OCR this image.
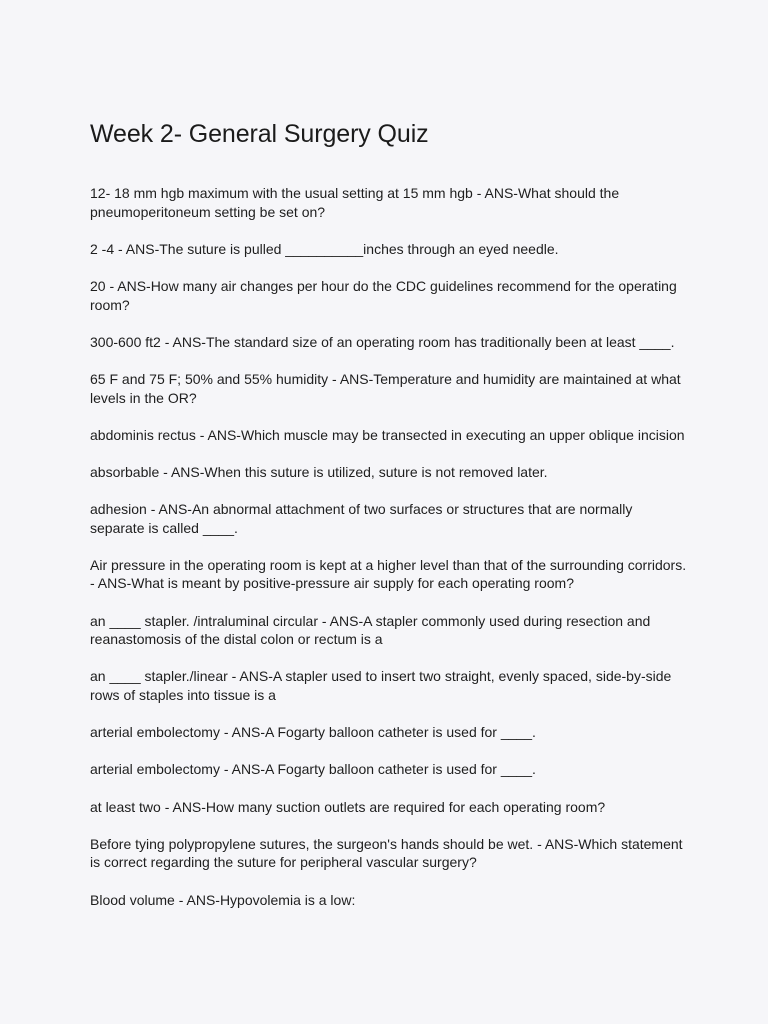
Week 2- General Surgery Quiz

12- 18 mm hgb maximum with the usual setting at 15 mm hgb - ANS-What should the pneumoperitoneum setting be set on?

2 -4 - ANS-The suture is pulled __________inches through an eyed needle.

20 - ANS-How many air changes per hour do the CDC guidelines recommend for the operating room?

300-600 ft2 - ANS-The standard size of an operating room has traditionally been at least ____.

65 F and 75 F; 50% and 55% humidity - ANS-Temperature and humidity are maintained at what levels in the OR?

abdominis rectus - ANS-Which muscle may be transected in executing an upper oblique incision

absorbable - ANS-When this suture is utilized, suture is not removed later.

adhesion - ANS-An abnormal attachment of two surfaces or structures that are normally separate is called ____.

Air pressure in the operating room is kept at a higher level than that of the surrounding corridors. - ANS-What is meant by positive-pressure air supply for each operating room?

an ____ stapler. /intraluminal circular - ANS-A stapler commonly used during resection and reanastomosis of the distal colon or rectum is a

an ____ stapler./linear - ANS-A stapler used to insert two straight, evenly spaced, side-by-side rows of staples into tissue is a

arterial embolectomy - ANS-A Fogarty balloon catheter is used for ____.

arterial embolectomy - ANS-A Fogarty balloon catheter is used for ____.

at least two - ANS-How many suction outlets are required for each operating room?

Before tying polypropylene sutures, the surgeon's hands should be wet. - ANS-Which statement is correct regarding the suture for peripheral vascular surgery?

Blood volume - ANS-Hypovolemia is a low:
